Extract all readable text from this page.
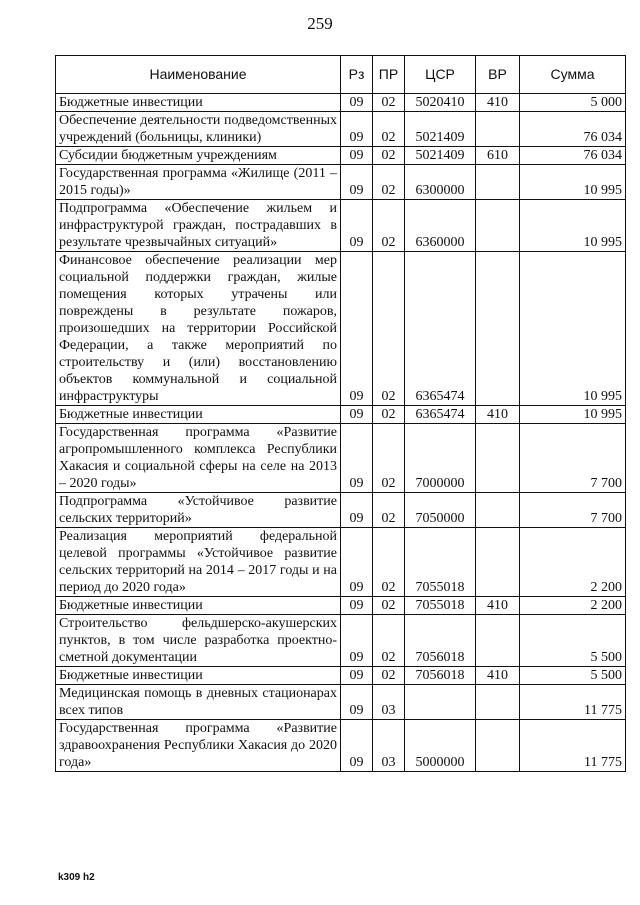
259
Наименование	Рз	ПР	ЦСР	ВР	Сумма
Бюджетные инвестиции	09	02	5020410	410	5 000
Обеспечение деятельности подведомственных учреждений (больницы, клиники)	09	02	5021409		76 034
Субсидии бюджетным учреждениям	09	02	5021409	610	76 034
Государственная программа «Жилище (2011 – 2015 годы)»	09	02	6300000		10 995
Подпрограмма «Обеспечение жильем и инфраструктурой граждан, пострадавших в результате чрезвычайных ситуаций»	09	02	6360000		10 995
Финансовое обеспечение реализации мер социальной поддержки граждан, жилые помещения которых утрачены или повреждены в результате пожаров, произошедших на территории Российской Федерации, а также мероприятий по строительству и (или) восстановлению объектов коммунальной и социальной инфраструктуры	09	02	6365474		10 995
Бюджетные инвестиции	09	02	6365474	410	10 995
Государственная программа «Развитие агропромышленного комплекса Республики Хакасия и социальной сферы на селе на 2013 – 2020 годы»	09	02	7000000		7 700
Подпрограмма «Устойчивое развитие сельских территорий»	09	02	7050000		7 700
Реализация мероприятий федеральной целевой программы «Устойчивое развитие сельских территорий на 2014 – 2017 годы и на период до 2020 года»	09	02	7055018		2 200
Бюджетные инвестиции	09	02	7055018	410	2 200
Строительство фельдшерско-акушерских пунктов, в том числе разработка проектно-сметной документации	09	02	7056018		5 500
Бюджетные инвестиции	09	02	7056018	410	5 500
Медицинская помощь в дневных стационарах всех типов	09	03			11 775
Государственная программа «Развитие здравоохранения Республики Хакасия до 2020 года»	09	03	5000000		11 775
k309 h2
